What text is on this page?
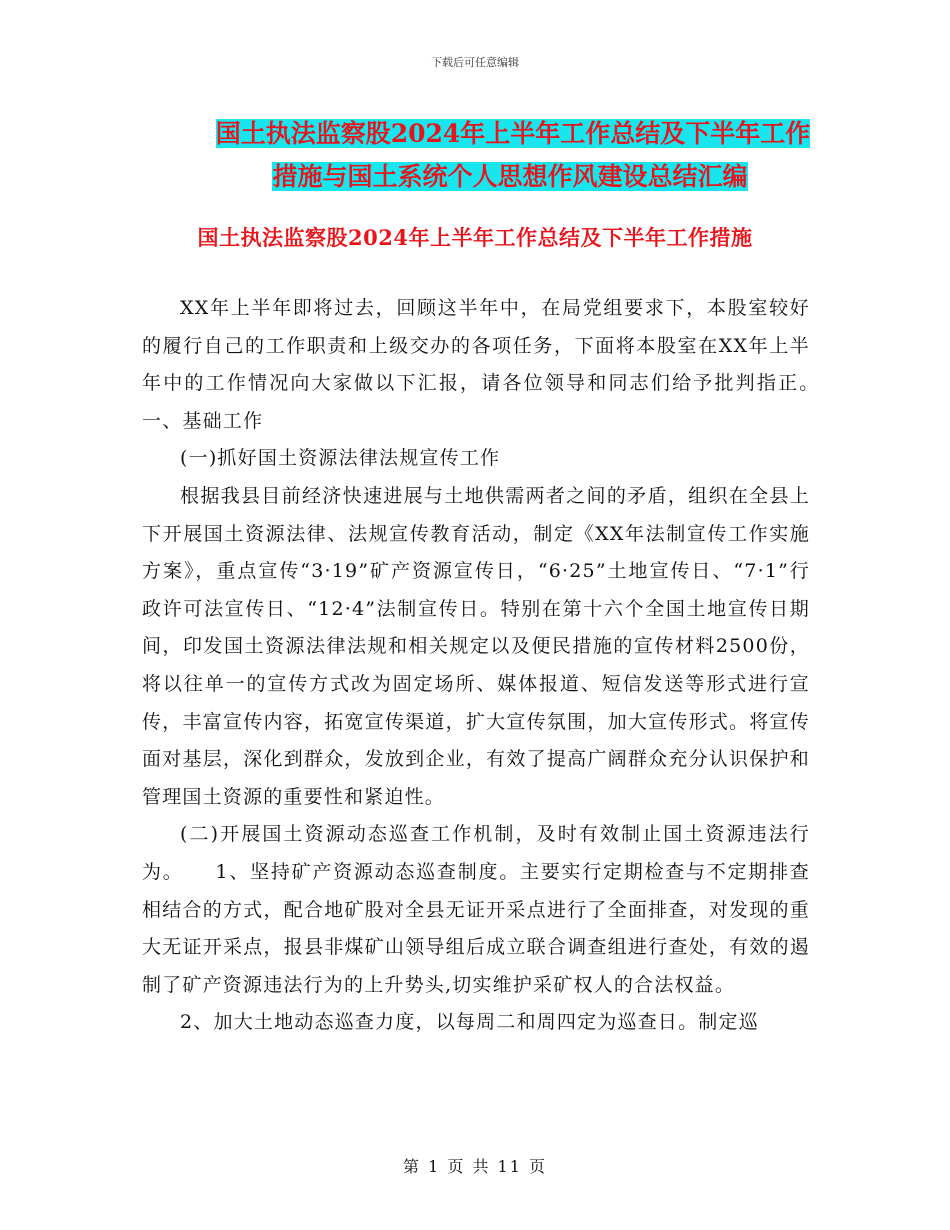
下载后可任意编辑
国土执法监察股2024年上半年工作总结及下半年工作
措施与国土系统个人思想作风建设总结汇编
国土执法监察股2024年上半年工作总结及下半年工作措施

XX年上半年即将过去，回顾这半年中，在局党组要求下，本股室较好的履行自己的工作职责和上级交办的各项任务，下面将本股室在XX年上半年中的工作情况向大家做以下汇报，请各位领导和同志们给予批判指正。　　一、基础工作

(一)抓好国土资源法律法规宣传工作

根据我县目前经济快速进展与土地供需两者之间的矛盾，组织在全县上下开展国土资源法律、法规宣传教育活动，制定《XX年法制宣传工作实施方案》，重点宣传“3·19”矿产资源宣传日，“6·25”土地宣传日、“7·1”行政许可法宣传日、“12·4”法制宣传日。特别在第十六个全国土地宣传日期间，印发国土资源法律法规和相关规定以及便民措施的宣传材料2500份，将以往单一的宣传方式改为固定场所、媒体报道、短信发送等形式进行宣传，丰富宣传内容，拓宽宣传渠道，扩大宣传氛围，加大宣传形式。将宣传面对基层，深化到群众，发放到企业，有效了提高广阔群众充分认识保护和管理国土资源的重要性和紧迫性。

(二)开展国土资源动态巡查工作机制，及时有效制止国土资源违法行为。　　1、坚持矿产资源动态巡查制度。主要实行定期检查与不定期排查相结合的方式，配合地矿股对全县无证开采点进行了全面排查，对发现的重大无证开采点，报县非煤矿山领导组后成立联合调查组进行查处，有效的遏制了矿产资源违法行为的上升势头,切实维护采矿权人的合法权益。

2、加大土地动态巡查力度，以每周二和周四定为巡查日。制定巡

第 1 页 共 11 页
